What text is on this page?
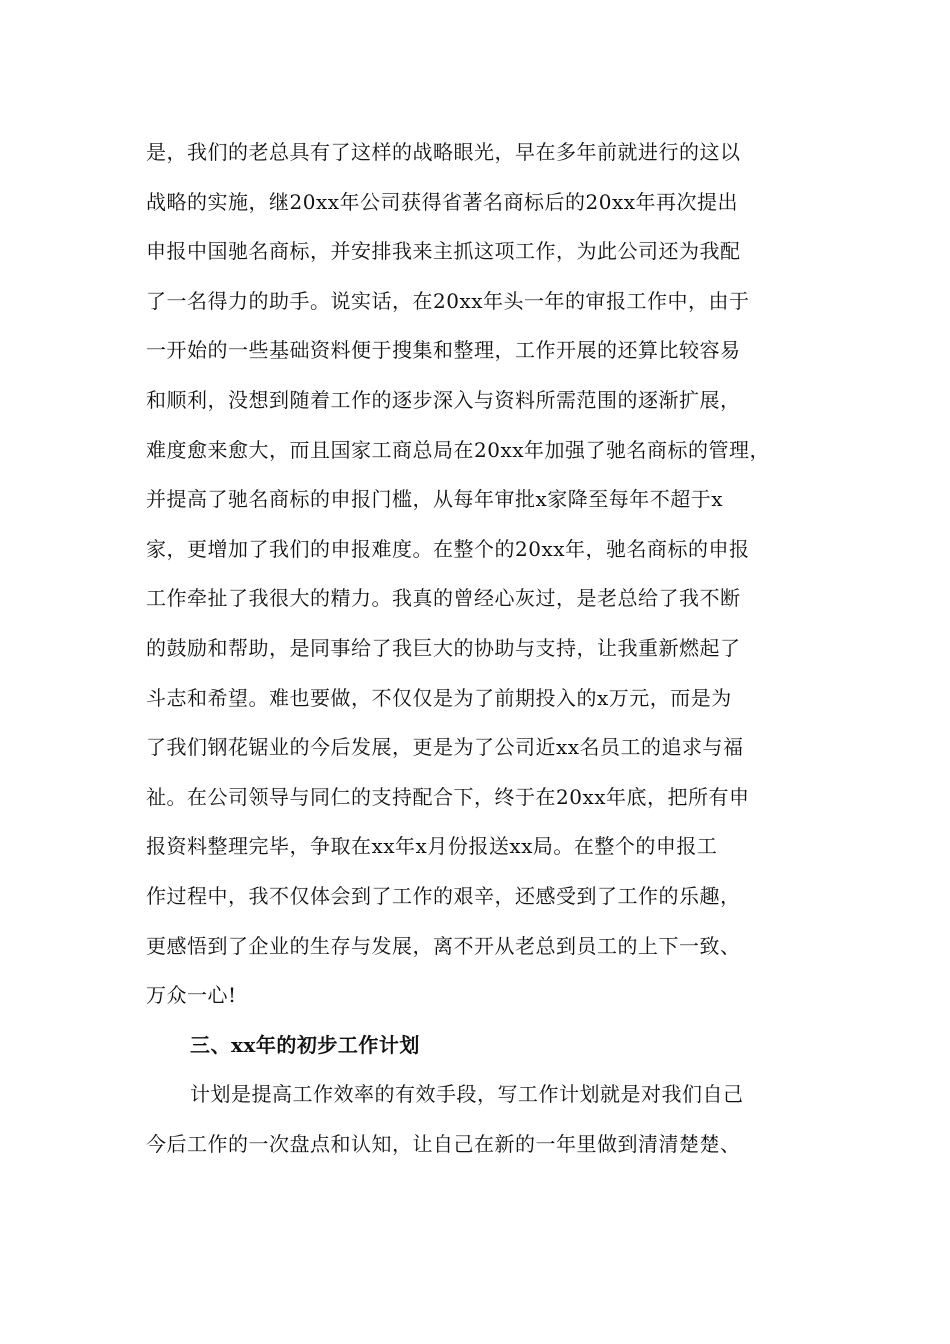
是，我们的老总具有了这样的战略眼光，早在多年前就进行的这以
战略的实施，继20xx年公司获得省著名商标后的20xx年再次提出
申报中国驰名商标，并安排我来主抓这项工作，为此公司还为我配
了一名得力的助手。说实话，在20xx年头一年的审报工作中，由于
一开始的一些基础资料便于搜集和整理，工作开展的还算比较容易
和顺利，没想到随着工作的逐步深入与资料所需范围的逐渐扩展，
难度愈来愈大，而且国家工商总局在20xx年加强了驰名商标的管理，
并提高了驰名商标的申报门槛，从每年审批x家降至每年不超于x
家，更增加了我们的申报难度。在整个的20xx年，驰名商标的申报
工作牵扯了我很大的精力。我真的曾经心灰过，是老总给了我不断
的鼓励和帮助，是同事给了我巨大的协助与支持，让我重新燃起了
斗志和希望。难也要做，不仅仅是为了前期投入的x万元，而是为
了我们钢花锯业的今后发展，更是为了公司近xx名员工的追求与福
祉。在公司领导与同仁的支持配合下，终于在20xx年底，把所有申
报资料整理完毕，争取在xx年x月份报送xx局。在整个的申报工
作过程中，我不仅体会到了工作的艰辛，还感受到了工作的乐趣，
更感悟到了企业的生存与发展，离不开从老总到员工的上下一致、
万众一心!
三、xx年的初步工作计划
计划是提高工作效率的有效手段，写工作计划就是对我们自己
今后工作的一次盘点和认知，让自己在新的一年里做到清清楚楚、
